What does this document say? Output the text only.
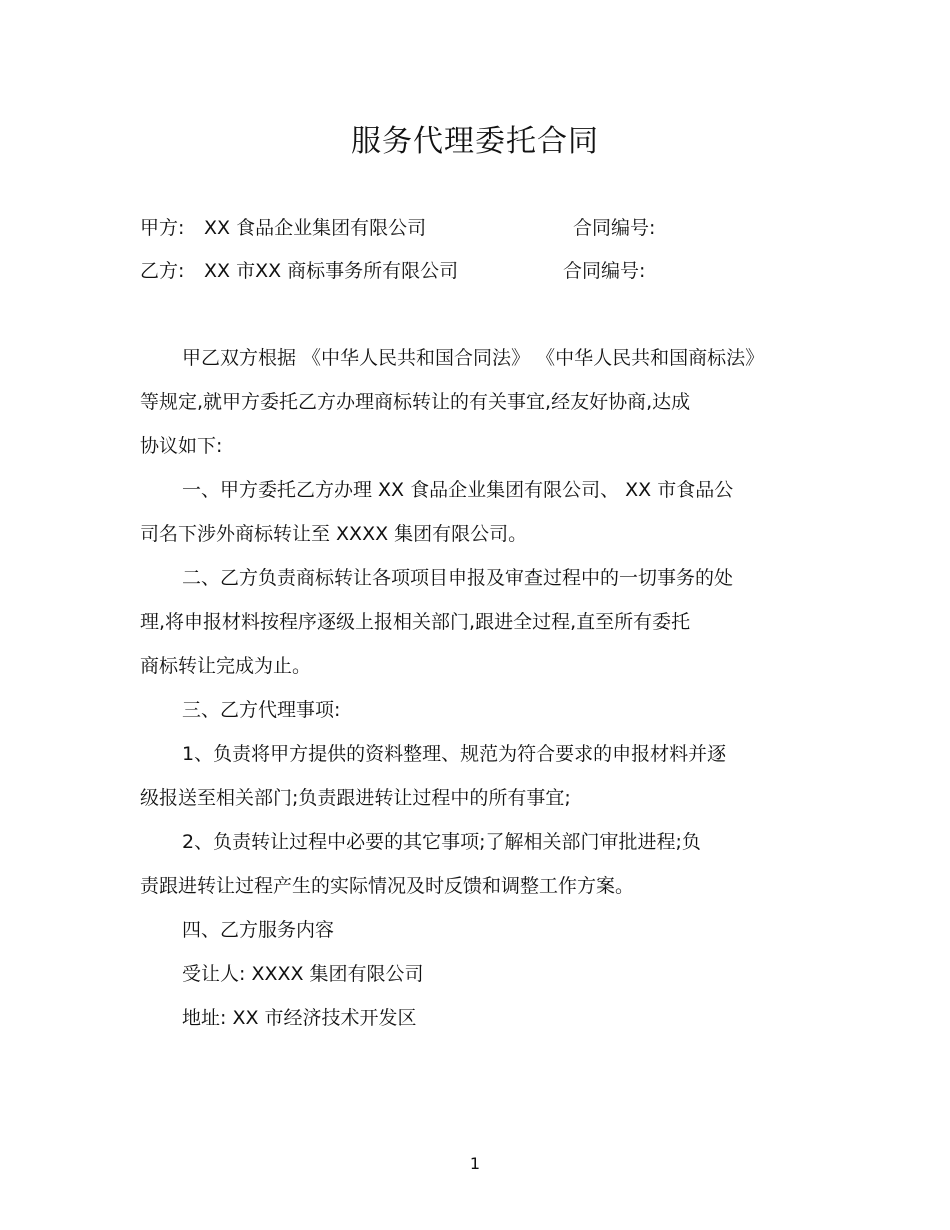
服务代理委托合同
甲方: XX 食品企业集团有限公司	合同编号:
乙方: XX 市XX 商标事务所有限公司	合同编号:
甲乙双方根据 《中华人民共和国合同法》 《中华人民共和国商标法》
等规定,就甲方委托乙方办理商标转让的有关事宜,经友好协商,达成
协议如下:
一、甲方委托乙方办理 XX 食品企业集团有限公司、 XX 市食品公
司名下涉外商标转让至 XXXX 集团有限公司。
二、乙方负责商标转让各项项目申报及审查过程中的一切事务的处
理,将申报材料按程序逐级上报相关部门,跟进全过程,直至所有委托
商标转让完成为止。
三、乙方代理事项:
1、负责将甲方提供的资料整理、规范为符合要求的申报材料并逐
级报送至相关部门;负责跟进转让过程中的所有事宜;
2、负责转让过程中必要的其它事项;了解相关部门审批进程;负
责跟进转让过程产生的实际情况及时反馈和调整工作方案。
四、乙方服务内容
受让人: XXXX 集团有限公司
地址: XX 市经济技术开发区
1
